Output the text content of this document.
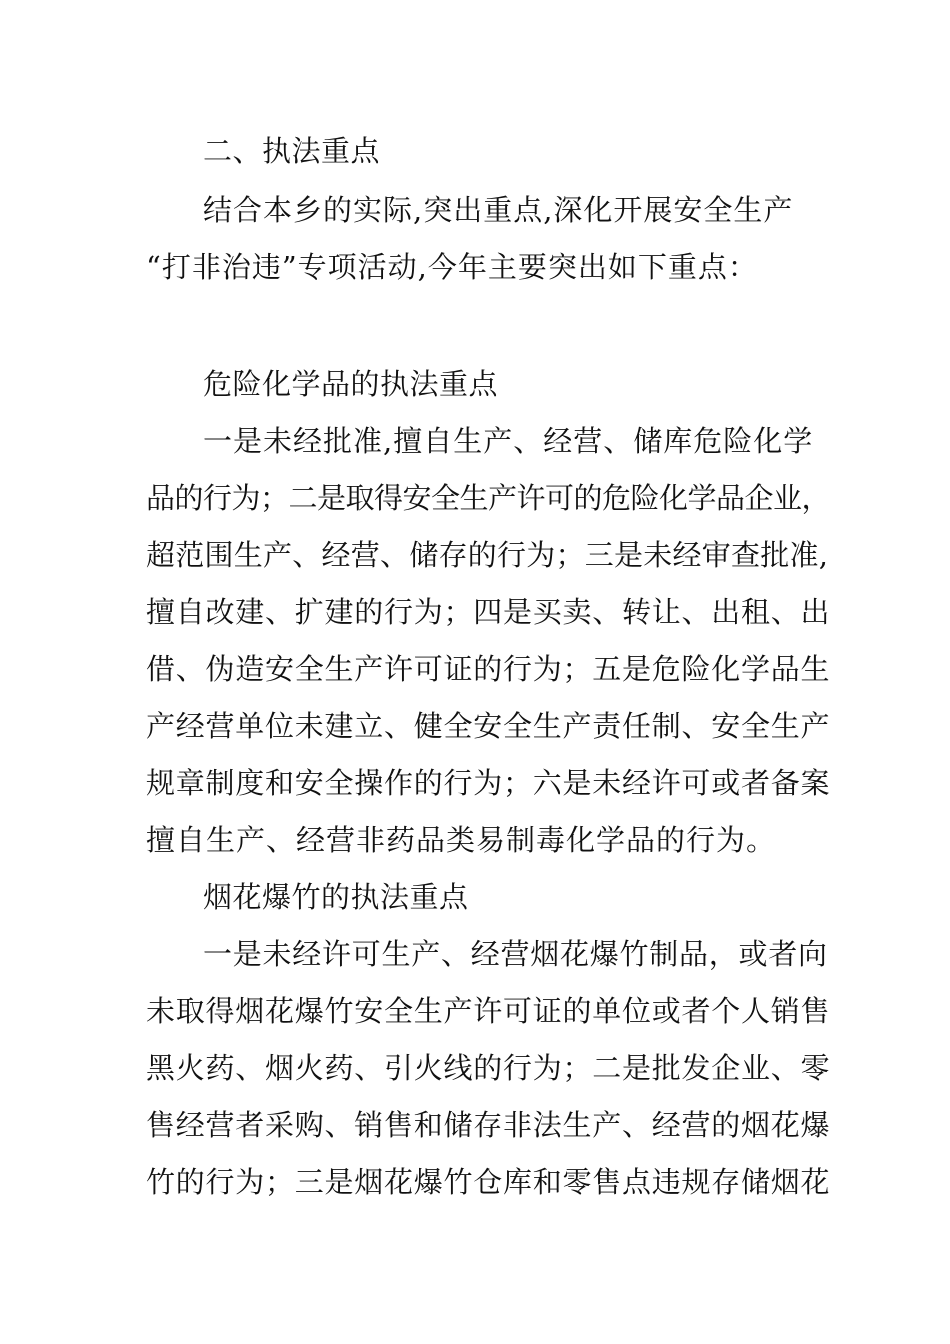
二、执法重点
结合本乡的实际,突出重点,深化开展安全生产
“打非治违”专项活动,今年主要突出如下重点：
危险化学品的执法重点
一是未经批准,擅自生产、经营、储库危险化学
品的行为；二是取得安全生产许可的危险化学品企业，
超范围生产、经营、储存的行为；三是未经审查批准,
擅自改建、扩建的行为；四是买卖、转让、出租、出
借、伪造安全生产许可证的行为；五是危险化学品生
产经营单位未建立、健全安全生产责任制、安全生产
规章制度和安全操作的行为；六是未经许可或者备案
擅自生产、经营非药品类易制毒化学品的行为。
烟花爆竹的执法重点
一是未经许可生产、经营烟花爆竹制品，或者向
未取得烟花爆竹安全生产许可证的单位或者个人销售
黑火药、烟火药、引火线的行为；二是批发企业、零
售经营者采购、销售和储存非法生产、经营的烟花爆
竹的行为；三是烟花爆竹仓库和零售点违规存储烟花
